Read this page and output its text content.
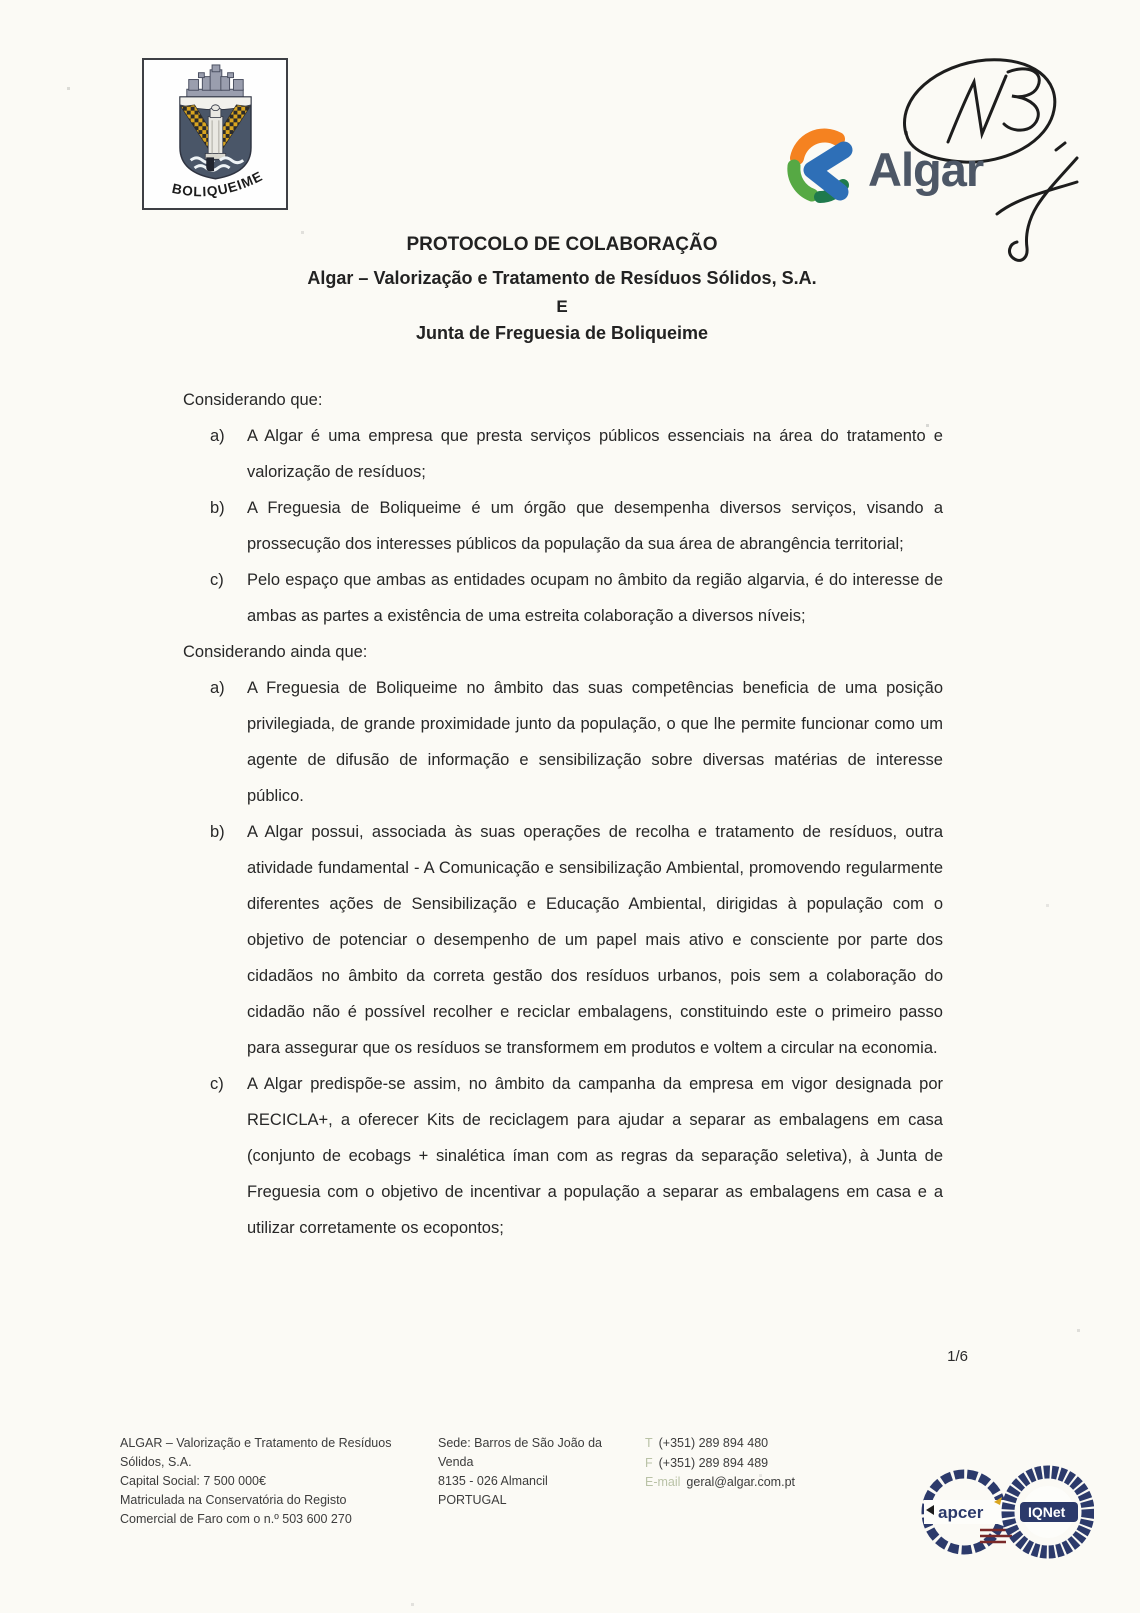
BOLIQUEIME	Algar
PROTOCOLO DE COLABORAÇÃO
Algar – Valorização e Tratamento de Resíduos Sólidos, S.A.
E
Junta de Freguesia de Boliqueime
Considerando que:
a)	A Algar é uma empresa que presta serviços públicos essenciais na área do tratamento e valorização de resíduos;
b)	A Freguesia de Boliqueime é um órgão que desempenha diversos serviços, visando a prossecução dos interesses públicos da população da sua área de abrangência territorial;
c)	Pelo espaço que ambas as entidades ocupam no âmbito da região algarvia, é do interesse de ambas as partes a existência de uma estreita colaboração a diversos níveis;
Considerando ainda que:
a)	A Freguesia de Boliqueime no âmbito das suas competências beneficia de uma posição privilegiada, de grande proximidade junto da população, o que lhe permite funcionar como um agente de difusão de informação e sensibilização sobre diversas matérias de interesse público.
b)	A Algar possui, associada às suas operações de recolha e tratamento de resíduos, outra atividade fundamental - A Comunicação e sensibilização Ambiental, promovendo regularmente diferentes ações de Sensibilização e Educação Ambiental, dirigidas à população com o objetivo de potenciar o desempenho de um papel mais ativo e consciente por parte dos cidadãos no âmbito da correta gestão dos resíduos urbanos, pois sem a colaboração do cidadão não é possível recolher e reciclar embalagens, constituindo este o primeiro passo para assegurar que os resíduos se transformem em produtos e voltem a circular na economia.
c)	A Algar predispõe-se assim, no âmbito da campanha da empresa em vigor designada por RECICLA+, a oferecer Kits de reciclagem para ajudar a separar as embalagens em casa (conjunto de ecobags + sinalética íman com as regras da separação seletiva), à Junta de Freguesia com o objetivo de incentivar a população a separar as embalagens em casa e a utilizar corretamente os ecopontos;
1/6
ALGAR – Valorização e Tratamento de Resíduos
Sólidos, S.A.
Capital Social: 7 500 000€
Matriculada na Conservatória do Registo
Comercial de Faro com o n.º 503 600 270
Sede: Barros de São João da Venda
8135 - 026 Almancil
PORTUGAL
T (+351) 289 894 480
F (+351) 289 894 489
E-mail geral@algar.com.pt
apcer	IQNet
